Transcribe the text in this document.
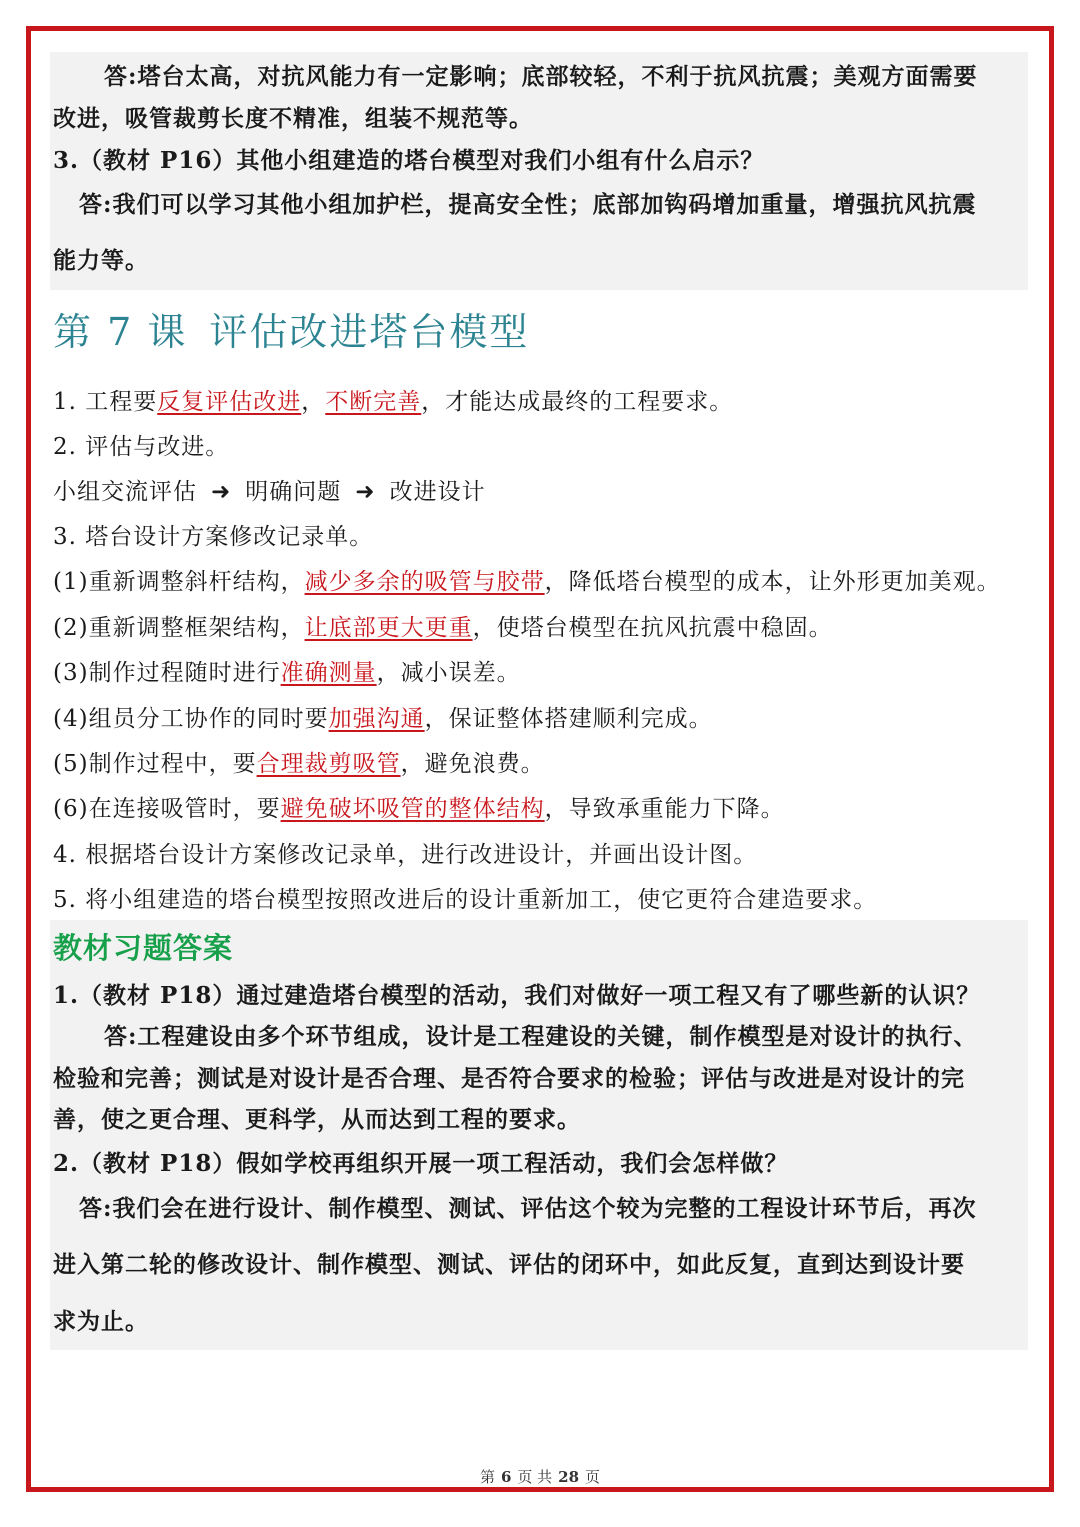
答:塔台太高，对抗风能力有一定影响；底部较轻，不利于抗风抗震；美观方面需要
改进，吸管裁剪长度不精准，组装不规范等。
3.（教材 P16）其他小组建造的塔台模型对我们小组有什么启示？
答:我们可以学习其他小组加护栏，提高安全性；底部加钩码增加重量，增强抗风抗震
能力等。
第 7 课 评估改进塔台模型
1. 工程要反复评估改进，不断完善，才能达成最终的工程要求。
2. 评估与改进。
小组交流评估 ➜ 明确问题 ➜ 改进设计
3. 塔台设计方案修改记录单。
(1)重新调整斜杆结构，减少多余的吸管与胶带，降低塔台模型的成本，让外形更加美观。
(2)重新调整框架结构，让底部更大更重，使塔台模型在抗风抗震中稳固。
(3)制作过程随时进行准确测量，减小误差。
(4)组员分工协作的同时要加强沟通，保证整体搭建顺利完成。
(5)制作过程中，要合理裁剪吸管，避免浪费。
(6)在连接吸管时，要避免破坏吸管的整体结构，导致承重能力下降。
4. 根据塔台设计方案修改记录单，进行改进设计，并画出设计图。
5. 将小组建造的塔台模型按照改进后的设计重新加工，使它更符合建造要求。
教材习题答案
1.（教材 P18）通过建造塔台模型的活动，我们对做好一项工程又有了哪些新的认识？
答:工程建设由多个环节组成，设计是工程建设的关键，制作模型是对设计的执行、
检验和完善；测试是对设计是否合理、是否符合要求的检验；评估与改进是对设计的完
善，使之更合理、更科学，从而达到工程的要求。
2.（教材 P18）假如学校再组织开展一项工程活动，我们会怎样做？
答:我们会在进行设计、制作模型、测试、评估这个较为完整的工程设计环节后，再次
进入第二轮的修改设计、制作模型、测试、评估的闭环中，如此反复，直到达到设计要
求为止。
第 6 页 共 28 页
